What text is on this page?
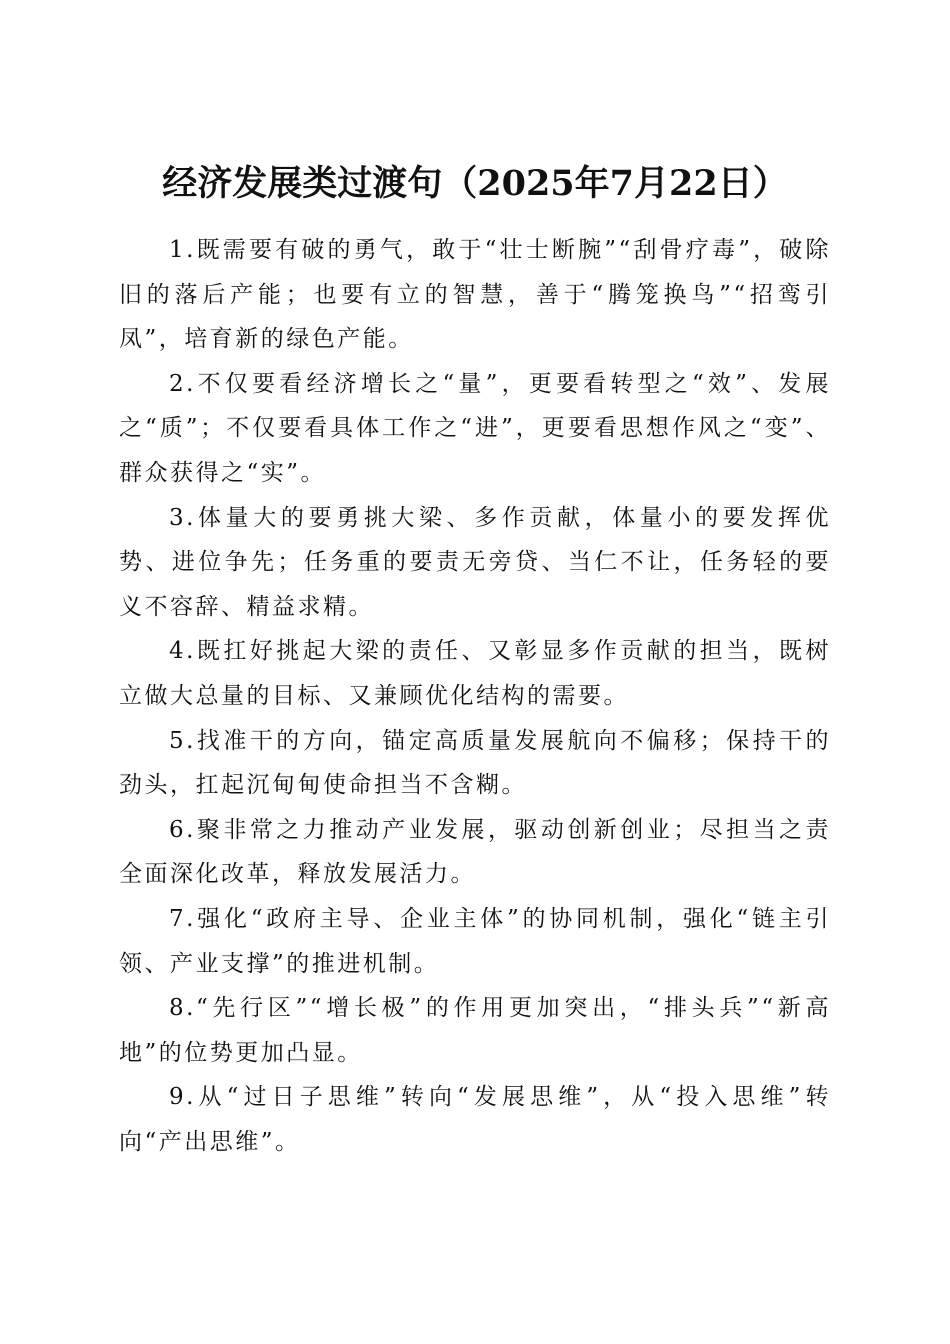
经济发展类过渡句（2025年7月22日）

1.既需要有破的勇气，敢于“壮士断腕”“刮骨疗毒”，破除旧的落后产能；也要有立的智慧，善于“腾笼换鸟”“招鸾引凤”，培育新的绿色产能。

2.不仅要看经济增长之“量”，更要看转型之“效”、发展之“质”；不仅要看具体工作之“进”，更要看思想作风之“变”、群众获得之“实”。

3.体量大的要勇挑大梁、多作贡献，体量小的要发挥优势、进位争先；任务重的要责无旁贷、当仁不让，任务轻的要义不容辞、精益求精。

4.既扛好挑起大梁的责任、又彰显多作贡献的担当，既树立做大总量的目标、又兼顾优化结构的需要。

5.找准干的方向，锚定高质量发展航向不偏移；保持干的劲头，扛起沉甸甸使命担当不含糊。

6.聚非常之力推动产业发展，驱动创新创业；尽担当之责全面深化改革，释放发展活力。

7.强化“政府主导、企业主体”的协同机制，强化“链主引领、产业支撑”的推进机制。

8.“先行区”“增长极”的作用更加突出，“排头兵”“新高地”的位势更加凸显。

9.从“过日子思维”转向“发展思维”，从“投入思维”转向“产出思维”。
